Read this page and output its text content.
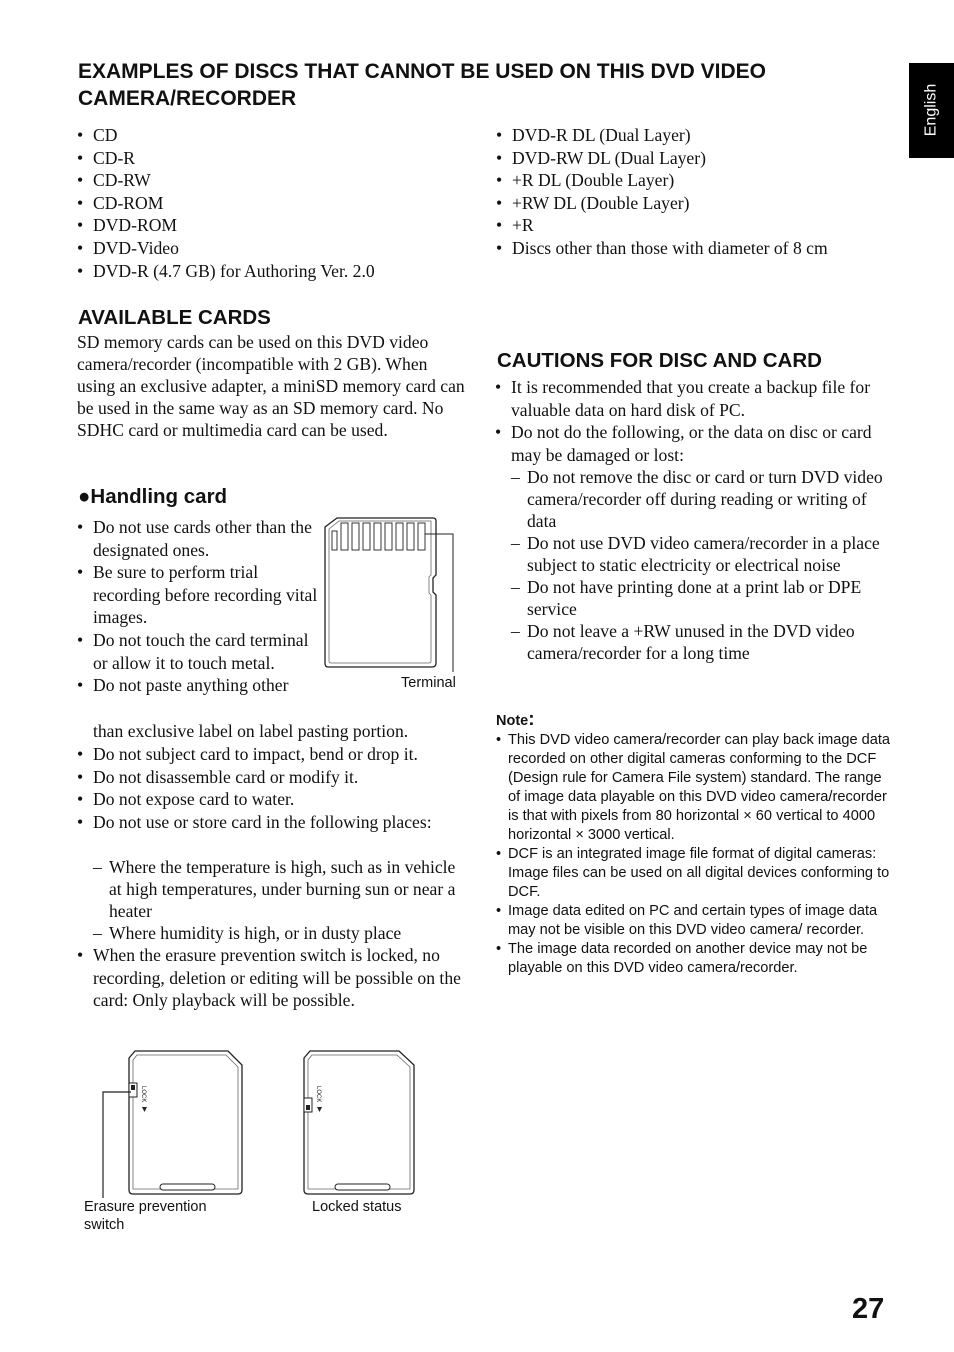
English
EXAMPLES OF DISCS THAT CANNOT BE USED ON THIS DVD VIDEO CAMERA/RECORDER
• CD
• CD-R
• CD-RW
• CD-ROM
• DVD-ROM
• DVD-Video
• DVD-R (4.7 GB) for Authoring Ver. 2.0
• DVD-R DL (Dual Layer)
• DVD-RW DL (Dual Layer)
• +R DL (Double Layer)
• +RW DL (Double Layer)
• +R
• Discs other than those with diameter of 8 cm
AVAILABLE CARDS

SD memory cards can be used on this DVD video camera/recorder (incompatible with 2 GB). When using an exclusive adapter, a miniSD memory card can be used in the same way as an SD memory card. No SDHC card or multimedia card can be used.

●Handling card
• Do not use cards other than the designated ones.
• Be sure to perform trial recording before recording vital images.
• Do not touch the card terminal or allow it to touch metal.
• Do not paste anything other
than exclusive label on label pasting portion.
• Do not subject card to impact, bend or drop it.
• Do not disassemble card or modify it.
• Do not expose card to water.
• Do not use or store card in the following places:
– Where the temperature is high, such as in vehicle at high temperatures, under burning sun or near a heater
– Where humidity is high, or in dusty place
• When the erasure prevention switch is locked, no recording, deletion or editing will be possible on the card: Only playback will be possible.
Terminal
LOCK	LOCK
Erasure prevention switch
Locked status
CAUTIONS FOR DISC AND CARD
• It is recommended that you create a backup file for valuable data on hard disk of PC.
• Do not do the following, or the data on disc or card may be damaged or lost:
– Do not remove the disc or card or turn DVD video camera/recorder off during reading or writing of data
– Do not use DVD video camera/recorder in a place subject to static electricity or electrical noise
– Do not have printing done at a print lab or DPE service
– Do not leave a +RW unused in the DVD video camera/recorder for a long time
Note:
• This DVD video camera/recorder can play back image data recorded on other digital cameras conforming to the DCF (Design rule for Camera File system) standard. The range of image data playable on this DVD video camera/recorder is that with pixels from 80 horizontal × 60 vertical to 4000 horizontal × 3000 vertical.
• DCF is an integrated image file format of digital cameras: Image files can be used on all digital devices conforming to DCF.
• Image data edited on PC and certain types of image data may not be visible on this DVD video camera/ recorder.
• The image data recorded on another device may not be playable on this DVD video camera/recorder.
27
